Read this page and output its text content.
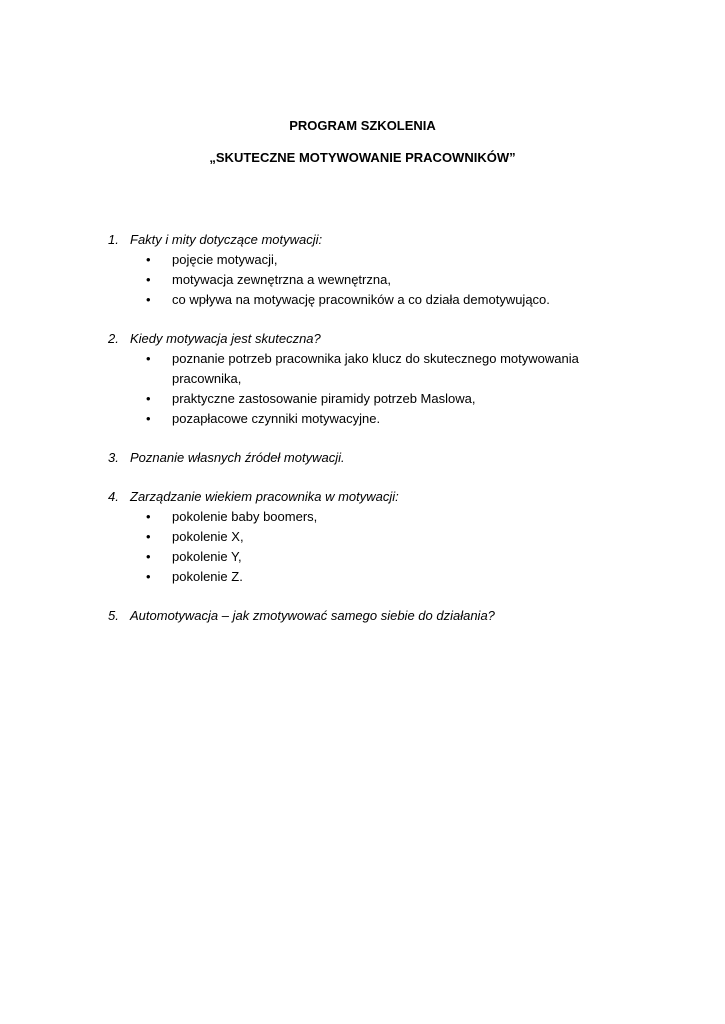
PROGRAM SZKOLENIA
„SKUTECZNE MOTYWOWANIE PRACOWNIKÓW”
1. Fakty i mity dotyczące motywacji:
•	pojęcie motywacji,
•	motywacja zewnętrzna a wewnętrzna,
•	co wpływa na motywację pracowników a co działa demotywująco.
2. Kiedy motywacja jest skuteczna?
•	poznanie potrzeb pracownika jako klucz do skutecznego motywowania pracownika,
•	praktyczne zastosowanie piramidy potrzeb Maslowa,
•	pozapłacowe czynniki motywacyjne.
3. Poznanie własnych źródeł motywacji.
4. Zarządzanie wiekiem pracownika w motywacji:
•	pokolenie baby boomers,
•	pokolenie X,
•	pokolenie Y,
•	pokolenie Z.
5. Automotywacja – jak zmotywować samego siebie do działania?
